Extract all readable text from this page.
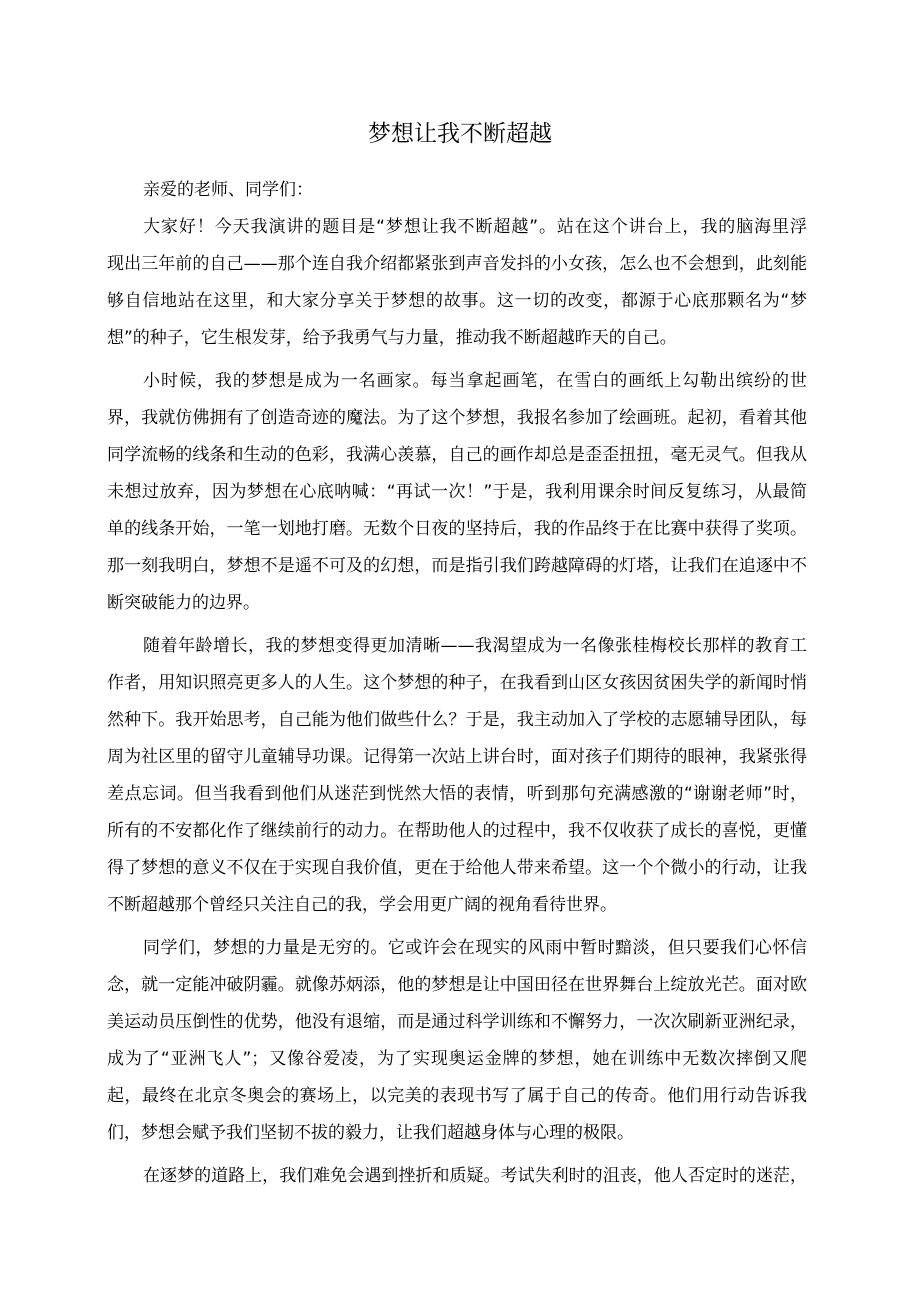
梦想让我不断超越
亲爱的老师、同学们：
大家好！今天我演讲的题目是“梦想让我不断超越”。站在这个讲台上，我的脑海里浮
现出三年前的自己——那个连自我介绍都紧张到声音发抖的小女孩，怎么也不会想到，此刻能
够自信地站在这里，和大家分享关于梦想的故事。这一切的改变，都源于心底那颗名为“梦
想”的种子，它生根发芽，给予我勇气与力量，推动我不断超越昨天的自己。
小时候，我的梦想是成为一名画家。每当拿起画笔，在雪白的画纸上勾勒出缤纷的世
界，我就仿佛拥有了创造奇迹的魔法。为了这个梦想，我报名参加了绘画班。起初，看着其他
同学流畅的线条和生动的色彩，我满心羡慕，自己的画作却总是歪歪扭扭，毫无灵气。但我从
未想过放弃，因为梦想在心底呐喊：“再试一次！”于是，我利用课余时间反复练习，从最简
单的线条开始，一笔一划地打磨。无数个日夜的坚持后，我的作品终于在比赛中获得了奖项。
那一刻我明白，梦想不是遥不可及的幻想，而是指引我们跨越障碍的灯塔，让我们在追逐中不
断突破能力的边界。
随着年龄增长，我的梦想变得更加清晰——我渴望成为一名像张桂梅校长那样的教育工
作者，用知识照亮更多人的人生。这个梦想的种子，在我看到山区女孩因贫困失学的新闻时悄
然种下。我开始思考，自己能为他们做些什么？于是，我主动加入了学校的志愿辅导团队，每
周为社区里的留守儿童辅导功课。记得第一次站上讲台时，面对孩子们期待的眼神，我紧张得
差点忘词。但当我看到他们从迷茫到恍然大悟的表情，听到那句充满感激的“谢谢老师”时，
所有的不安都化作了继续前行的动力。在帮助他人的过程中，我不仅收获了成长的喜悦，更懂
得了梦想的意义不仅在于实现自我价值，更在于给他人带来希望。这一个个微小的行动，让我
不断超越那个曾经只关注自己的我，学会用更广阔的视角看待世界。
同学们，梦想的力量是无穷的。它或许会在现实的风雨中暂时黯淡，但只要我们心怀信
念，就一定能冲破阴霾。就像苏炳添，他的梦想是让中国田径在世界舞台上绽放光芒。面对欧
美运动员压倒性的优势，他没有退缩，而是通过科学训练和不懈努力，一次次刷新亚洲纪录，
成为了“亚洲飞人”；又像谷爱凌，为了实现奥运金牌的梦想，她在训练中无数次摔倒又爬
起，最终在北京冬奥会的赛场上，以完美的表现书写了属于自己的传奇。他们用行动告诉我
们，梦想会赋予我们坚韧不拔的毅力，让我们超越身体与心理的极限。
在逐梦的道路上，我们难免会遇到挫折和质疑。考试失利时的沮丧，他人否定时的迷茫，
